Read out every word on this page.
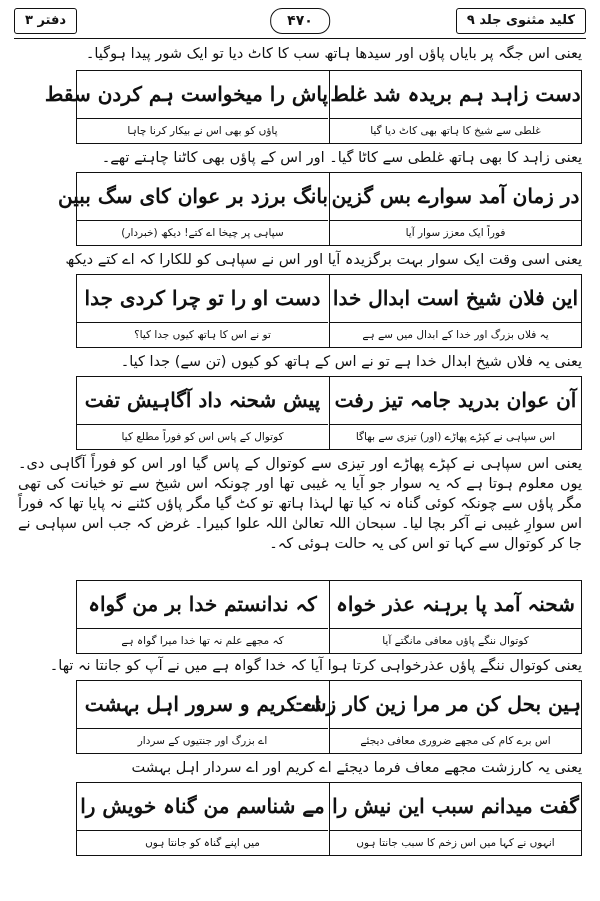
کلید مثنوی جلد ۹
۴۷۰
دفتر ۳
یعنی اس جگہ پر بایاں پاؤں اور سیدھا ہاتھ سب کا کاٹ دیا تو ایک شور پیدا ہوگیا۔
دست زاہد ہم بریدہ شد غلط
غلطی سے شیخ کا ہاتھ بھی کاٹ دیا گیا
پاش را میخواست ہم کردن سقط
پاؤں کو بھی اس نے بیکار کرنا چاہا
یعنی زاہد کا بھی ہاتھ غلطی سے کاٹا گیا۔ اور اس کے پاؤں بھی کاٹنا چاہتے تھے۔
در زمان آمد سوارے بس گزین
فوراً ایک معزز سوار آیا
بانگ برزد بر عوان کای سگ ببین
سپاہی پر چیخا اے کتے! دیکھ (خبردار)
یعنی اسی وقت ایک سوار بہت برگزیدہ آیا اور اس نے سپاہی کو للکارا کہ اے کتے دیکھ
این فلان شیخ است ابدال خدا
یہ فلاں بزرگ اور خدا کے ابدال میں سے ہے
دست او را تو چرا کردی جدا
تو نے اس کا ہاتھ کیوں جدا کیا؟
یعنی یہ فلاں شیخ ابدال خدا ہے تو نے اس کے ہاتھ کو کیوں (تن سے) جدا کیا۔
آن عوان بدرید جامہ تیز رفت
اس سپاہی نے کپڑے پھاڑے (اور) تیزی سے بھاگا
پیش شحنہ داد آگاہیش تفت
کوتوال کے پاس اس کو فوراً مطلع کیا
یعنی اس سپاہی نے کپڑے پھاڑے اور تیزی سے کوتوال کے پاس گیا اور اس کو فوراً آگاہی دی۔ یوں معلوم ہوتا ہے کہ یہ سوار جو آیا یہ غیبی تھا اور چونکہ اس شیخ سے تو خیانت کی تھی مگر پاؤں سے چونکہ کوئی گناہ نہ کیا تھا لہذا ہاتھ تو کٹ گیا مگر پاؤں کٹنے نہ پایا تھا کہ فوراً اس سوارِ غیبی نے آکر بچا لیا۔ سبحان اللہ تعالیٰ اللہ علوا کبیرا۔ غرض کہ جب اس سپاہی نے جا کر کوتوال سے کہا تو اس کی یہ حالت ہوئی کہ۔
شحنہ آمد پا برہنہ عذر خواہ
کوتوال ننگے پاؤں معافی مانگتے آیا
کہ ندانستم خدا بر من گواہ
کہ مجھے علم نہ تھا خدا میرا گواہ ہے
یعنی کوتوال ننگے پاؤں عذرخواہی کرتا ہوا آیا کہ خدا گواہ ہے میں نے آپ کو جانتا نہ تھا۔
ہین بحل کن مر مرا زین کار زشت
اس برے کام کی مجھے ضروری معافی دیجئے
اے کریم و سرور اہل بہشت
اے بزرگ اور جنتیوں کے سردار
یعنی یہ کارزشت مجھے معاف فرما دیجئے اے کریم اور اے سردار اہل بہشت
گفت میدانم سبب این نیش را
انہوں نے کہا میں اس زخم کا سبب جانتا ہوں
مے شناسم من گناہ خویش را
میں اپنے گناہ کو جانتا ہوں
